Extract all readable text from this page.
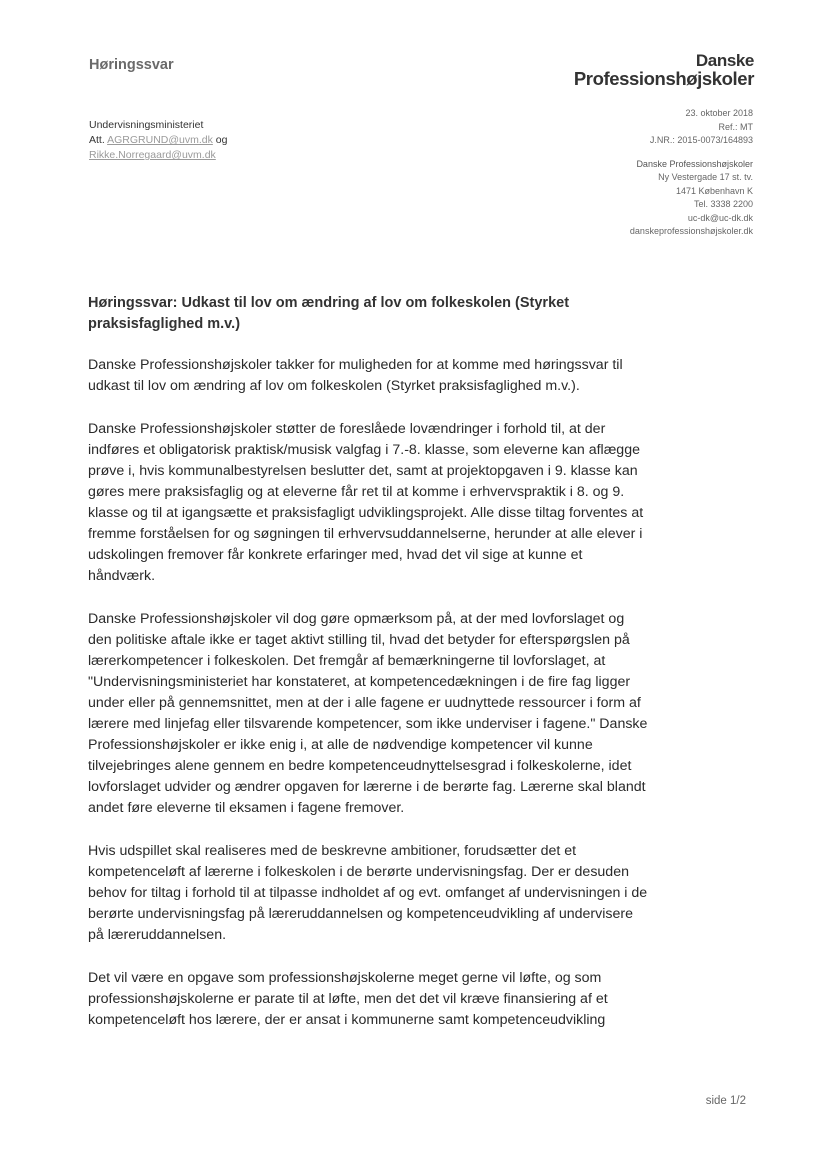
Høringssvar	Danske
Professionshøjskoler
Undervisningsministeriet
Att. AGRGRUND@uvm.dk og
Rikke.Norregaard@uvm.dk
23. oktober 2018
Ref.: MT
J.NR.: 2015-0073/164893
Danske Professionshøjskoler
Ny Vestergade 17 st. tv.
1471 København K
Tel. 3338 2200
uc-dk@uc-dk.dk
danskeprofessionshøjskoler.dk
Høringssvar: Udkast til lov om ændring af lov om folkeskolen (Styrket praksisfaglighed m.v.)

Danske Professionshøjskoler takker for muligheden for at komme med høringssvar til udkast til lov om ændring af lov om folkeskolen (Styrket praksisfaglighed m.v.).

Danske Professionshøjskoler støtter de foreslåede lovændringer i forhold til, at der indføres et obligatorisk praktisk/musisk valgfag i 7.-8. klasse, som eleverne kan aflægge prøve i, hvis kommunalbestyrelsen beslutter det, samt at projektopgaven i 9. klasse kan gøres mere praksisfaglig og at eleverne får ret til at komme i erhvervspraktik i 8. og 9. klasse og til at igangsætte et praksisfagligt udviklingsprojekt. Alle disse tiltag forventes at fremme forståelsen for og søgningen til erhvervsuddannelserne, herunder at alle elever i udskolingen fremover får konkrete erfaringer med, hvad det vil sige at kunne et håndværk.

Danske Professionshøjskoler vil dog gøre opmærksom på, at der med lovforslaget og den politiske aftale ikke er taget aktivt stilling til, hvad det betyder for efterspørgslen på lærerkompetencer i folkeskolen. Det fremgår af bemærkningerne til lovforslaget, at "Undervisningsministeriet har konstateret, at kompetencedækningen i de fire fag ligger under eller på gennemsnittet, men at der i alle fagene er uudnyttede ressourcer i form af lærere med linjefag eller tilsvarende kompetencer, som ikke underviser i fagene." Danske Professionshøjskoler er ikke enig i, at alle de nødvendige kompetencer vil kunne tilvejebringes alene gennem en bedre kompetenceudnyttelsesgrad i folkeskolerne, idet lovforslaget udvider og ændrer opgaven for lærerne i de berørte fag. Lærerne skal blandt andet føre eleverne til eksamen i fagene fremover.

Hvis udspillet skal realiseres med de beskrevne ambitioner, forudsætter det et kompetenceløft af lærerne i folkeskolen i de berørte undervisningsfag. Der er desuden behov for tiltag i forhold til at tilpasse indholdet af og evt. omfanget af undervisningen i de berørte undervisningsfag på læreruddannelsen og kompetenceudvikling af undervisere på læreruddannelsen.

Det vil være en opgave som professionshøjskolerne meget gerne vil løfte, og som professionshøjskolerne er parate til at løfte, men det det vil kræve finansiering af et kompetenceløft hos lærere, der er ansat i kommunerne samt kompetenceudvikling

side 1/2
